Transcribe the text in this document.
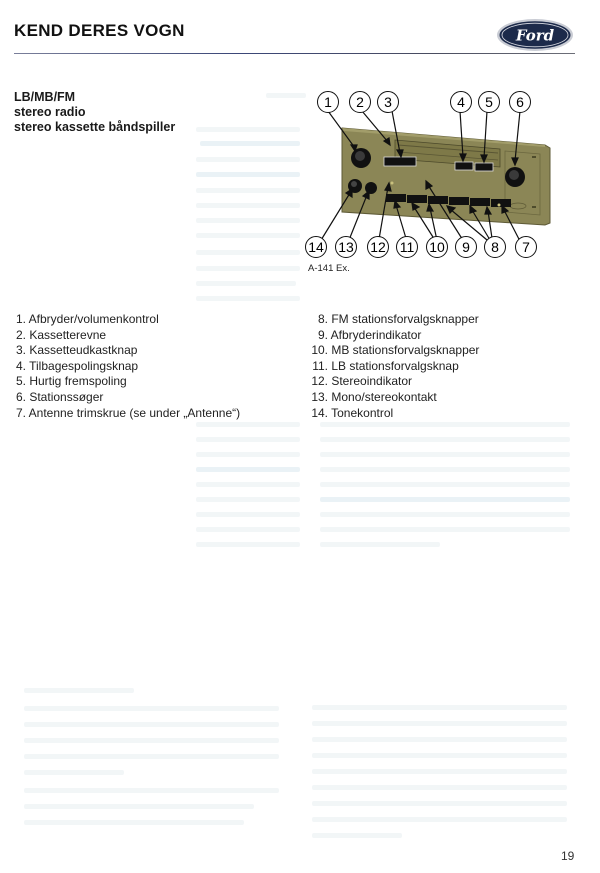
KEND DERES VOGN	Ford
LB/MB/FM
stereo radio
stereo kassette båndspiller
1 2 3	4 5 6
14 13 12 11 10 9 8 7
A-141 Ex.
1. Afbryder/volumenkontrol
2. Kassetterevne
3. Kassetteudkastknap
4. Tilbagespolingsknap
5. Hurtig fremspoling
6. Stationssøger
7. Antenne trimskrue (se under „Antenne“)
8. FM stationsforvalgsknapper
9. Afbryderindikator
10. MB stationsforvalgsknapper
11. LB stationsforvalgsknap
12. Stereoindikator
13. Mono/stereokontakt
14. Tonekontrol
19
